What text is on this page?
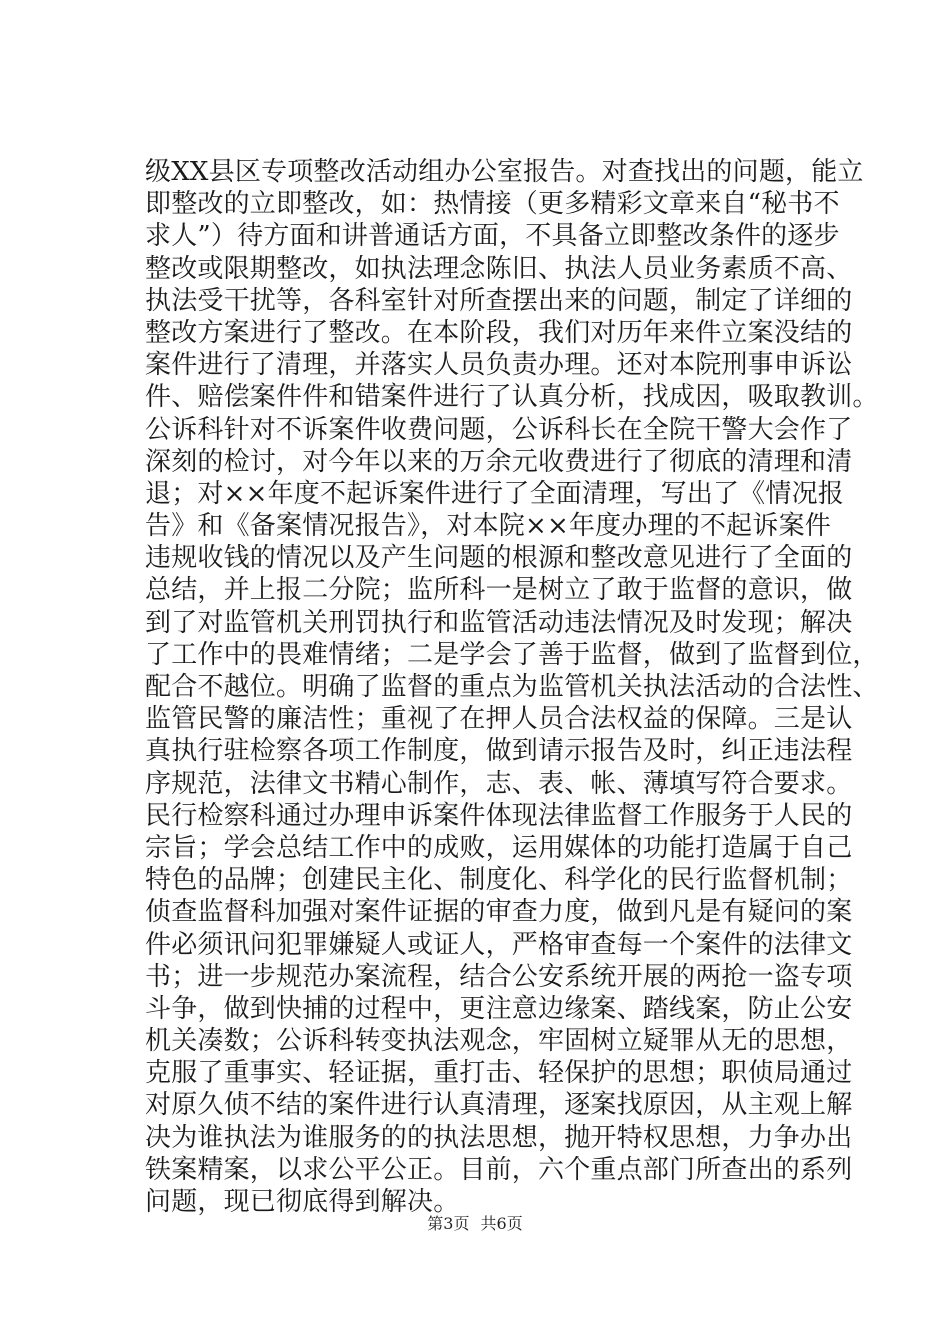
级XX县区专项整改活动组办公室报告。对查找出的问题，能立
即整改的立即整改，如：热情接（更多精彩文章来自“秘书不
求人”）待方面和讲普通话方面，不具备立即整改条件的逐步
整改或限期整改，如执法理念陈旧、执法人员业务素质不高、
执法受干扰等，各科室针对所查摆出来的问题，制定了详细的
整改方案进行了整改。在本阶段，我们对历年来件立案没结的
案件进行了清理，并落实人员负责办理。还对本院刑事申诉讼
件、赔偿案件件和错案件进行了认真分析，找成因，吸取教训。
公诉科针对不诉案件收费问题，公诉科长在全院干警大会作了
深刻的检讨，对今年以来的万余元收费进行了彻底的清理和清
退；对××年度不起诉案件进行了全面清理，写出了《情况报
告》和《备案情况报告》，对本院××年度办理的不起诉案件
违规收钱的情况以及产生问题的根源和整改意见进行了全面的
总结，并上报二分院；监所科一是树立了敢于监督的意识，做
到了对监管机关刑罚执行和监管活动违法情况及时发现；解决
了工作中的畏难情绪；二是学会了善于监督，做到了监督到位，
配合不越位。明确了监督的重点为监管机关执法活动的合法性、
监管民警的廉洁性；重视了在押人员合法权益的保障。三是认
真执行驻检察各项工作制度，做到请示报告及时，纠正违法程
序规范，法律文书精心制作，志、表、帐、薄填写符合要求。
民行检察科通过办理申诉案件体现法律监督工作服务于人民的
宗旨；学会总结工作中的成败，运用媒体的功能打造属于自己
特色的品牌；创建民主化、制度化、科学化的民行监督机制；
侦查监督科加强对案件证据的审查力度，做到凡是有疑问的案
件必须讯问犯罪嫌疑人或证人，严格审查每一个案件的法律文
书；进一步规范办案流程，结合公安系统开展的两抢一盗专项
斗争，做到快捕的过程中，更注意边缘案、踏线案，防止公安
机关凑数；公诉科转变执法观念，牢固树立疑罪从无的思想，
克服了重事实、轻证据，重打击、轻保护的思想；职侦局通过
对原久侦不结的案件进行认真清理，逐案找原因，从主观上解
决为谁执法为谁服务的的执法思想，抛开特权思想，力争办出
铁案精案，以求公平公正。目前，六个重点部门所查出的系列
问题，现已彻底得到解决。
第3页 共6页
